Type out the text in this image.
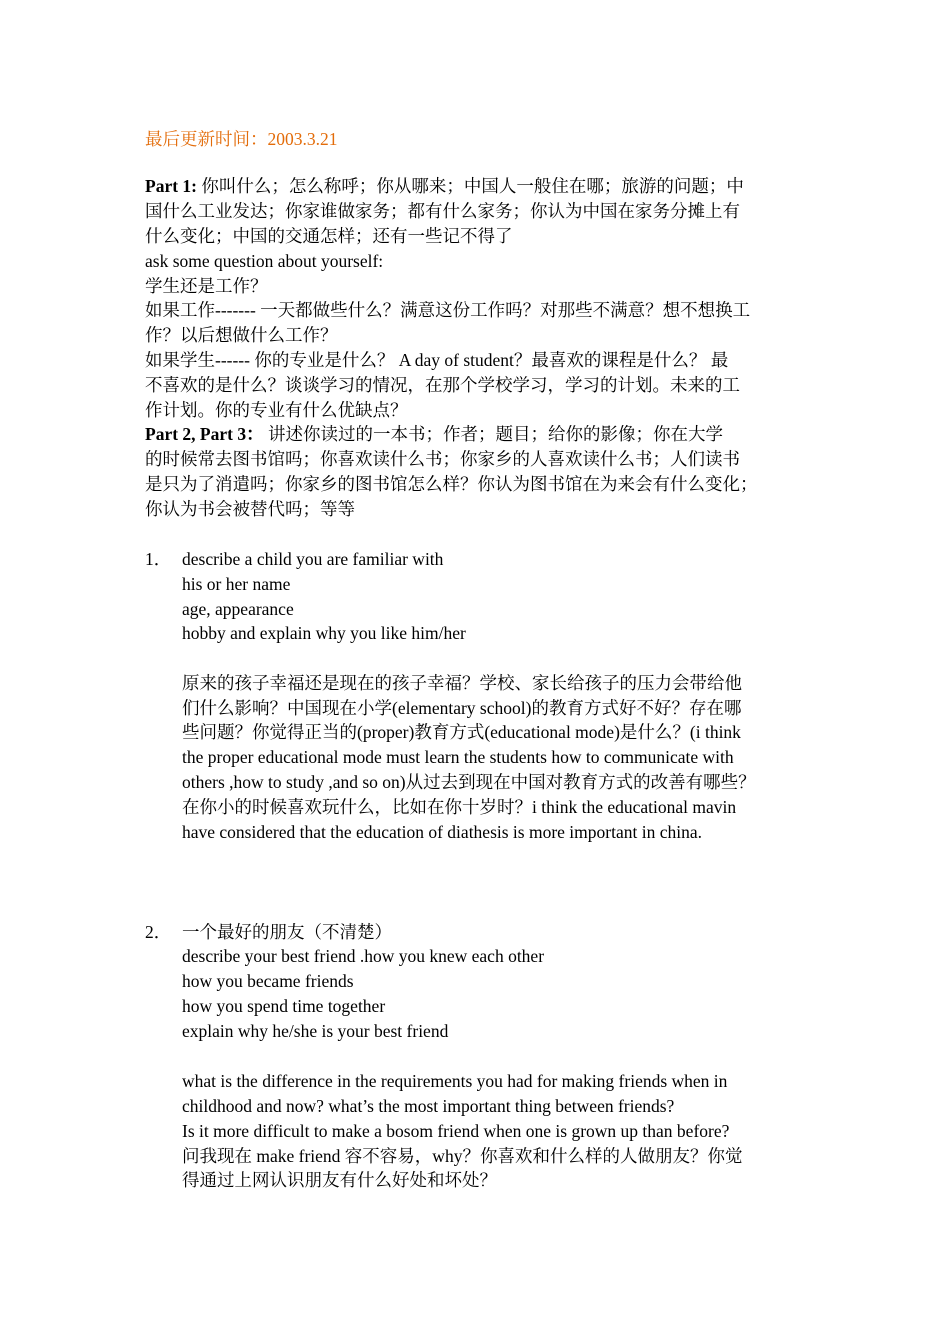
最后更新时间：2003.3.21
Part 1: 你叫什么；怎么称呼；你从哪来；中国人一般住在哪；旅游的问题；中
国什么工业发达；你家谁做家务；都有什么家务；你认为中国在家务分摊上有
什么变化；中国的交通怎样；还有一些记不得了
ask some question about yourself:
学生还是工作？
如果工作------- 一天都做些什么？满意这份工作吗？对那些不满意？想不想换工
作？以后想做什么工作？
如果学生------ 你的专业是什么？ A day of student？最喜欢的课程是什么？ 最
不喜欢的是什么？谈谈学习的情况，在那个学校学习，学习的计划。未来的工
作计划。你的专业有什么优缺点？
Part 2, Part 3： 讲述你读过的一本书；作者；题目；给你的影像；你在大学
的时候常去图书馆吗；你喜欢读什么书；你家乡的人喜欢读什么书；人们读书
是只为了消遣吗；你家乡的图书馆怎么样？你认为图书馆在为来会有什么变化；
你认为书会被替代吗；等等
1． describe a child you are familiar with
his or her name
age, appearance
hobby and explain why you like him/her
原来的孩子幸福还是现在的孩子幸福？学校、家长给孩子的压力会带给他
们什么影响？中国现在小学(elementary school)的教育方式好不好？存在哪
些问题？你觉得正当的(proper)教育方式(educational mode)是什么？(i think
the proper educational mode must learn the students how to communicate with
others ,how to study ,and so on)从过去到现在中国对教育方式的改善有哪些？
在你小的时候喜欢玩什么，比如在你十岁时？i think the educational mavin
have considered that the education of diathesis is more important in china.
2． 一个最好的朋友（不清楚）
describe your best friend .how you knew each other
how you became friends
how you spend time together
explain why he/she is your best friend
what is the difference in the requirements you had for making friends when in
childhood and now? what’s the most important thing between friends?
Is it more difficult to make a bosom friend when one is grown up than before?
问我现在 make friend 容不容易，why？你喜欢和什么样的人做朋友？你觉
得通过上网认识朋友有什么好处和坏处？
